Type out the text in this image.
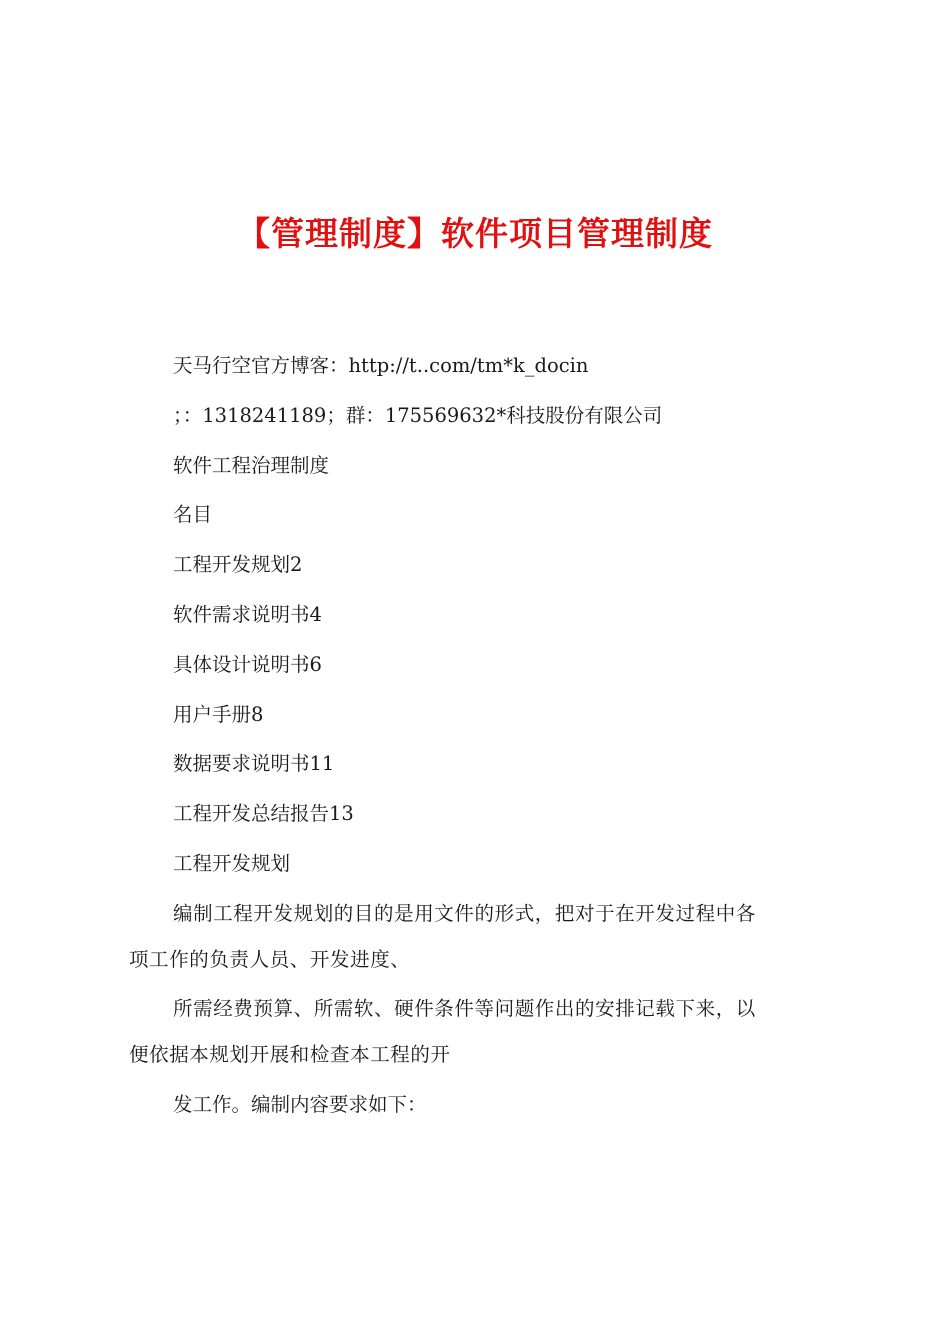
【管理制度】软件项目管理制度

天马行空官方博客：http://t..com/tm*k_docin

；：1318241189；群：175569632*科技股份有限公司

软件工程治理制度

名目

工程开发规划2

软件需求说明书4

具体设计说明书6

用户手册8

数据要求说明书11

工程开发总结报告13

工程开发规划

编制工程开发规划的目的是用文件的形式，把对于在开发过程中各
项工作的负责人员、开发进度、

所需经费预算、所需软、硬件条件等问题作出的安排记载下来，以
便依据本规划开展和检查本工程的开

发工作。编制内容要求如下：
